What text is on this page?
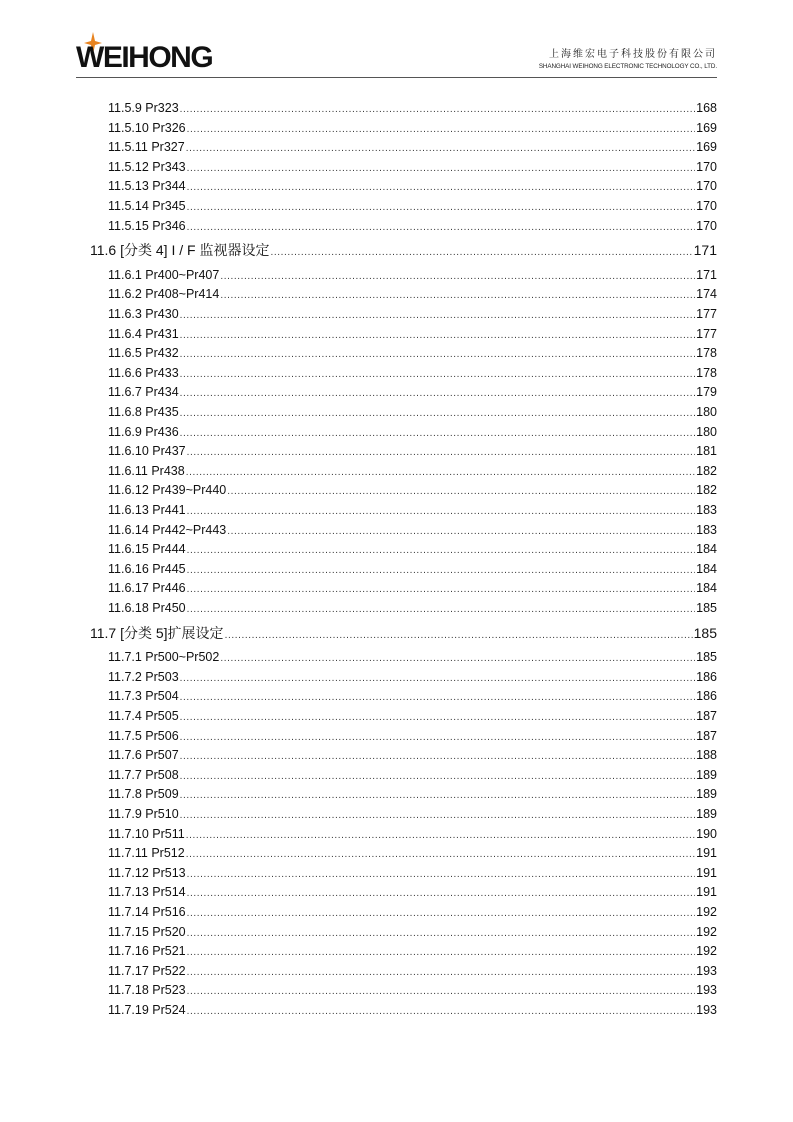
WEIHONG	上海维宏电子科技股份有限公司
SHANGHAI WEIHONG ELECTRONIC TECHNOLOGY CO., LTD.
11.5.9 Pr323 .....	168
11.5.10 Pr326 .....	169
11.5.11 Pr327 .....	169
11.5.12 Pr343 .....	170
11.5.13 Pr344 .....	170
11.5.14 Pr345 .....	170
11.5.15 Pr346 .....	170
11.6 [分类 4] I / F 监视器设定 .....	171
11.6.1 Pr400~Pr407 .....	171
11.6.2 Pr408~Pr414 .....	174
11.6.3 Pr430 .....	177
11.6.4 Pr431 .....	177
11.6.5 Pr432 .....	178
11.6.6 Pr433 .....	178
11.6.7 Pr434 .....	179
11.6.8 Pr435 .....	180
11.6.9 Pr436 .....	180
11.6.10 Pr437 .....	181
11.6.11 Pr438 .....	182
11.6.12 Pr439~Pr440 .....	182
11.6.13 Pr441 .....	183
11.6.14 Pr442~Pr443 .....	183
11.6.15 Pr444 .....	184
11.6.16 Pr445 .....	184
11.6.17 Pr446 .....	184
11.6.18 Pr450 .....	185
11.7 [分类 5]扩展设定 .....	185
11.7.1 Pr500~Pr502 .....	185
11.7.2 Pr503 .....	186
11.7.3 Pr504 .....	186
11.7.4 Pr505 .....	187
11.7.5 Pr506 .....	187
11.7.6 Pr507 .....	188
11.7.7 Pr508 .....	189
11.7.8 Pr509 .....	189
11.7.9 Pr510 .....	189
11.7.10 Pr511 .....	190
11.7.11 Pr512 .....	191
11.7.12 Pr513 .....	191
11.7.13 Pr514 .....	191
11.7.14 Pr516 .....	192
11.7.15 Pr520 .....	192
11.7.16 Pr521 .....	192
11.7.17 Pr522 .....	193
11.7.18 Pr523 .....	193
11.7.19 Pr524 .....	193
